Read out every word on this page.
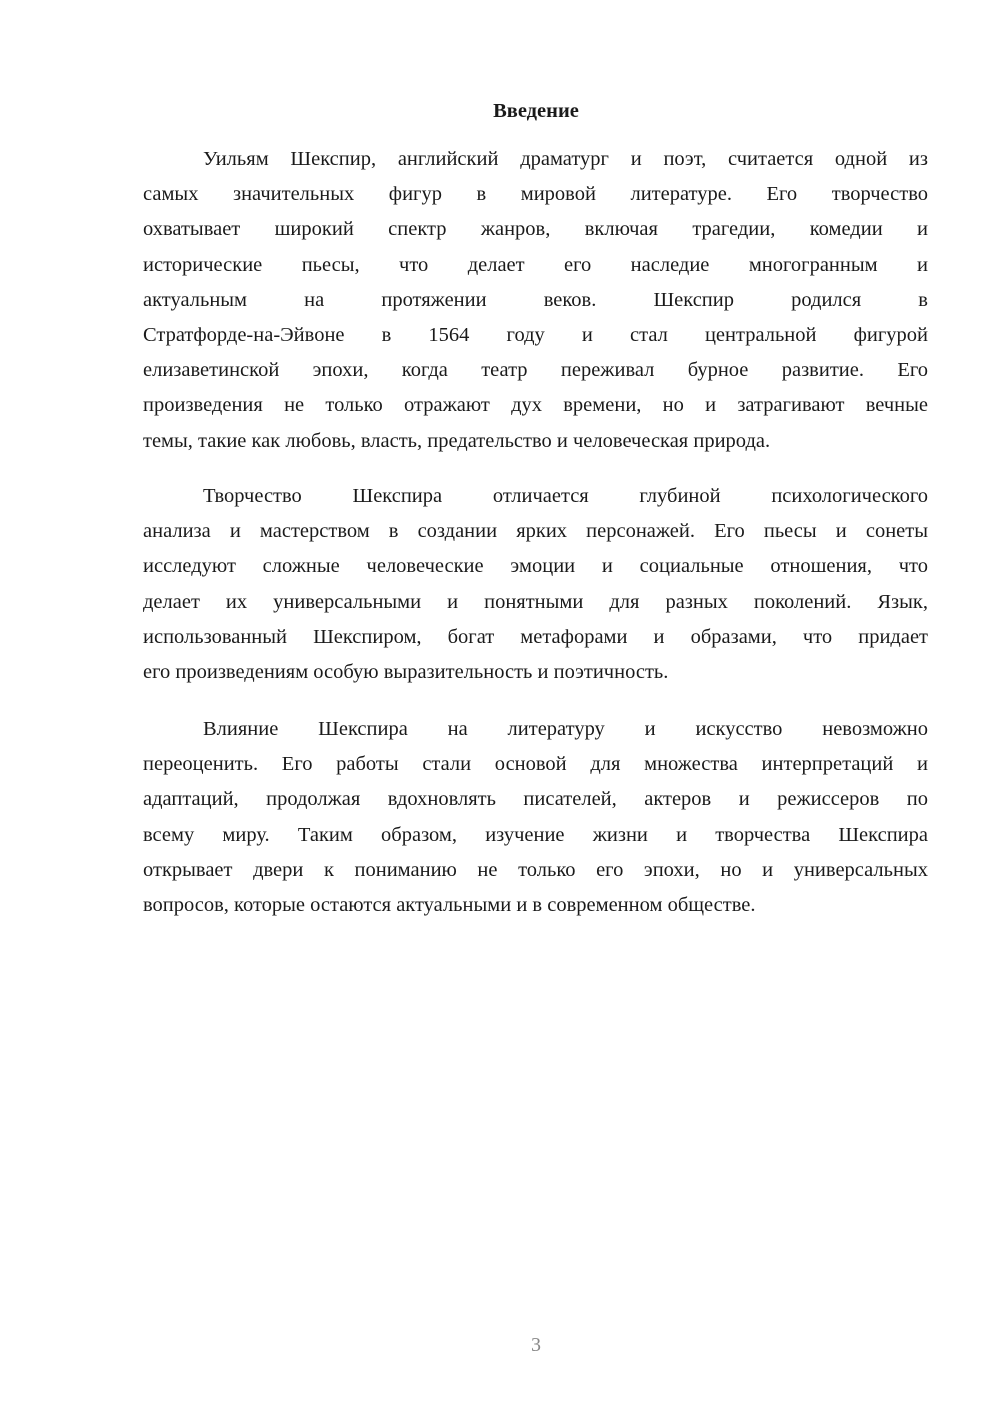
Введение
Уильям Шекспир, английский драматург и поэт, считается одной из
самых значительных фигур в мировой литературе. Его творчество
охватывает широкий спектр жанров, включая трагедии, комедии и
исторические пьесы, что делает его наследие многогранным и
актуальным на протяжении веков. Шекспир родился в
Стратфорде-на-Эйвоне в 1564 году и стал центральной фигурой
елизаветинской эпохи, когда театр переживал бурное развитие. Его
произведения не только отражают дух времени, но и затрагивают вечные
темы, такие как любовь, власть, предательство и человеческая природа.
Творчество Шекспира отличается глубиной психологического
анализа и мастерством в создании ярких персонажей. Его пьесы и сонеты
исследуют сложные человеческие эмоции и социальные отношения, что
делает их универсальными и понятными для разных поколений. Язык,
использованный Шекспиром, богат метафорами и образами, что придает
его произведениям особую выразительность и поэтичность.
Влияние Шекспира на литературу и искусство невозможно
переоценить. Его работы стали основой для множества интерпретаций и
адаптаций, продолжая вдохновлять писателей, актеров и режиссеров по
всему миру. Таким образом, изучение жизни и творчества Шекспира
открывает двери к пониманию не только его эпохи, но и универсальных
вопросов, которые остаются актуальными и в современном обществе.
3
